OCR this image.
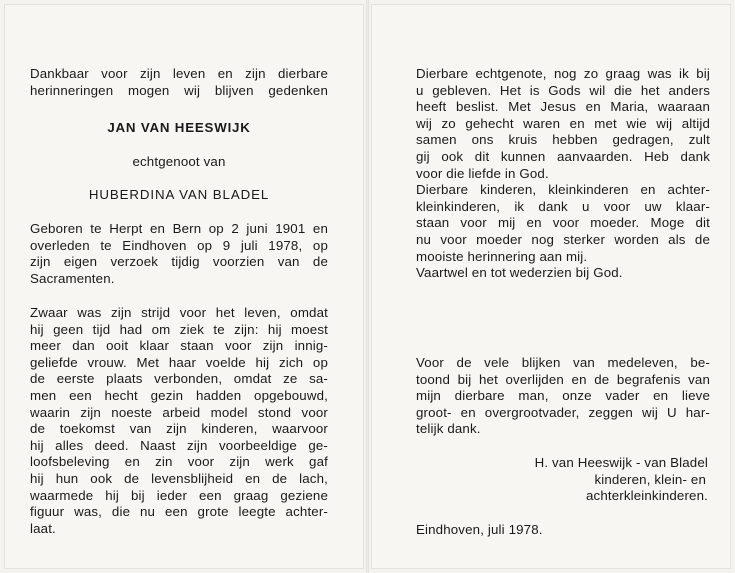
Dankbaar voor zijn leven en zijn dierbare
herinneringen mogen wij blijven gedenken
JAN VAN HEESWIJK
echtgenoot van
HUBERDINA VAN BLADEL
Geboren te Herpt en Bern op 2 juni 1901 en
overleden te Eindhoven op 9 juli 1978, op
zijn eigen verzoek tijdig voorzien van de
Sacramenten.
Zwaar was zijn strijd voor het leven, omdat
hij geen tijd had om ziek te zijn: hij moest
meer dan ooit klaar staan voor zijn innig-
geliefde vrouw. Met haar voelde hij zich op
de eerste plaats verbonden, omdat ze sa-
men een hecht gezin hadden opgebouwd,
waarin zijn noeste arbeid model stond voor
de toekomst van zijn kinderen, waarvoor
hij alles deed. Naast zijn voorbeeldige ge-
loofsbeleving en zin voor zijn werk gaf
hij hun ook de levensblijheid en de lach,
waarmede hij bij ieder een graag geziene
figuur was, die nu een grote leegte achter-
laat.
Dierbare echtgenote, nog zo graag was ik bij
u gebleven. Het is Gods wil die het anders
heeft beslist. Met Jesus en Maria, waaraan
wij zo gehecht waren en met wie wij altijd
samen ons kruis hebben gedragen, zult
gij ook dit kunnen aanvaarden. Heb dank
voor die liefde in God.
Dierbare kinderen, kleinkinderen en achter-
kleinkinderen, ik dank u voor uw klaar-
staan voor mij en voor moeder. Moge dit
nu voor moeder nog sterker worden als de
mooiste herinnering aan mij.
Vaartwel en tot wederzien bij God.
Voor de vele blijken van medeleven, be-
toond bij het overlijden en de begrafenis van
mijn dierbare man, onze vader en lieve
groot- en overgrootvader, zeggen wij U har-
telijk dank.
H. van Heeswijk - van Bladel
kinderen, klein- en
achterkleinkinderen.
Eindhoven, juli 1978.
